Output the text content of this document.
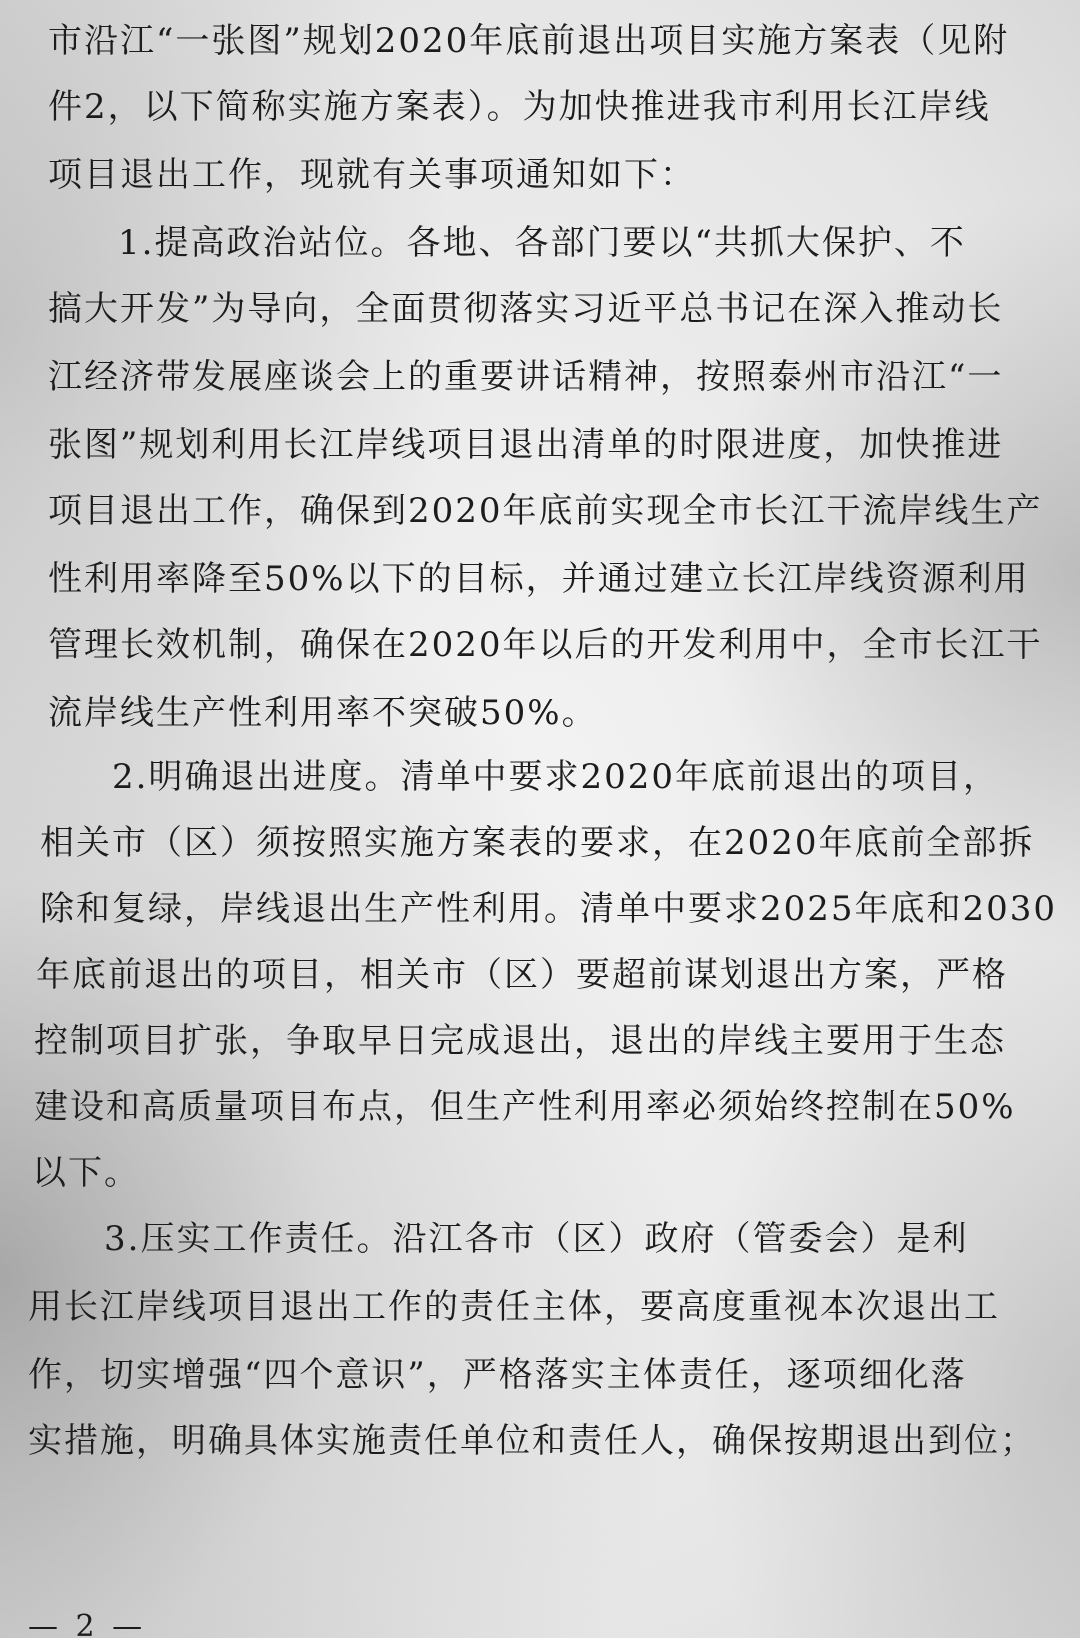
市沿江“一张图”规划2020年底前退出项目实施方案表（见附
件2，以下简称实施方案表）。为加快推进我市利用长江岸线
项目退出工作，现就有关事项通知如下：
1.提高政治站位。各地、各部门要以“共抓大保护、不
搞大开发”为导向，全面贯彻落实习近平总书记在深入推动长
江经济带发展座谈会上的重要讲话精神，按照泰州市沿江“一
张图”规划利用长江岸线项目退出清单的时限进度，加快推进
项目退出工作，确保到2020年底前实现全市长江干流岸线生产
性利用率降至50%以下的目标，并通过建立长江岸线资源利用
管理长效机制，确保在2020年以后的开发利用中，全市长江干
流岸线生产性利用率不突破50%。
2.明确退出进度。清单中要求2020年底前退出的项目，
相关市（区）须按照实施方案表的要求，在2020年底前全部拆
除和复绿，岸线退出生产性利用。清单中要求2025年底和2030
年底前退出的项目，相关市（区）要超前谋划退出方案，严格
控制项目扩张，争取早日完成退出，退出的岸线主要用于生态
建设和高质量项目布点，但生产性利用率必须始终控制在50%
以下。
3.压实工作责任。沿江各市（区）政府（管委会）是利
用长江岸线项目退出工作的责任主体，要高度重视本次退出工
作，切实增强“四个意识”，严格落实主体责任，逐项细化落
实措施，明确具体实施责任单位和责任人，确保按期退出到位；
— 2 —
